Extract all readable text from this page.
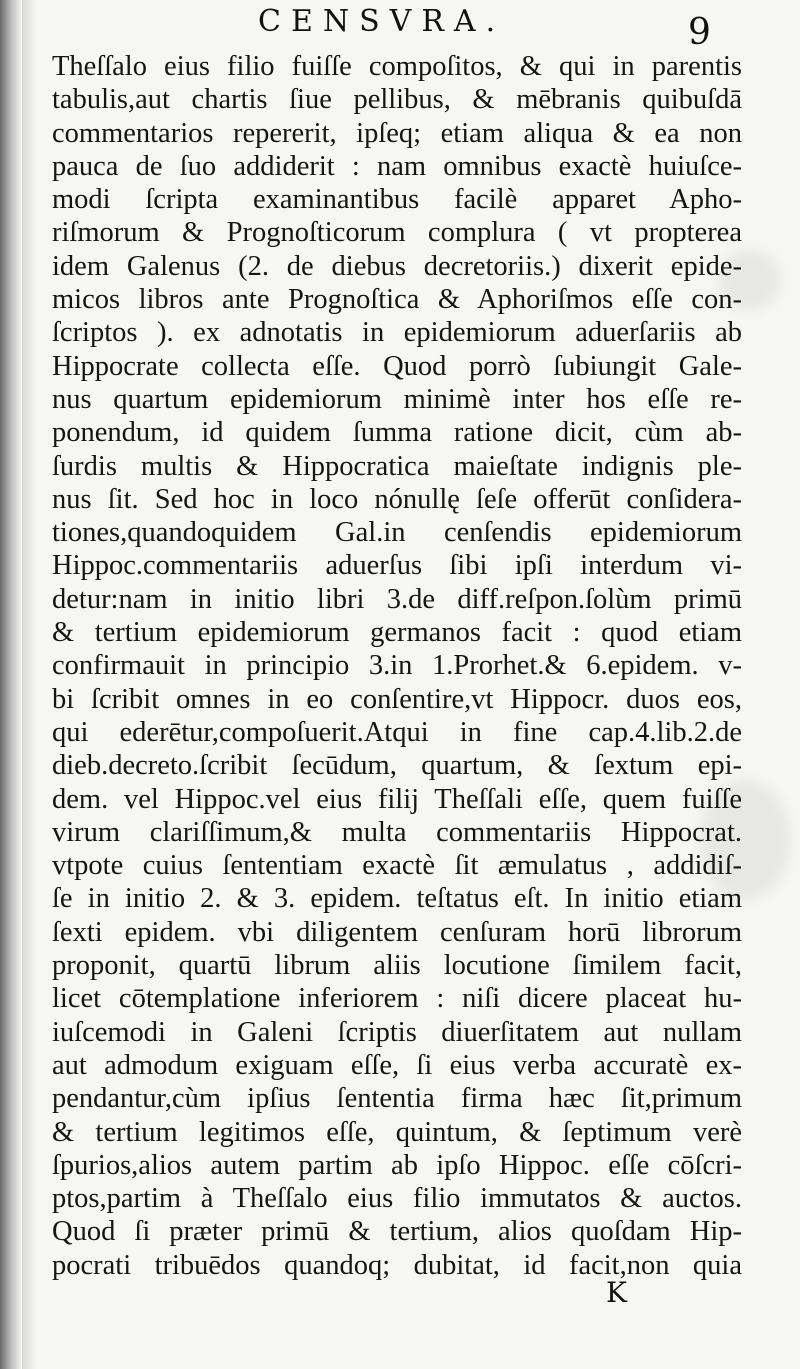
CENSVRA.	9
Theſſalo eius filio fuiſſe compoſitos, & qui in parentis
tabulis,aut chartis ſiue pellibus, & mēbranis quibuſdā
commentarios repererit, ipſeq; etiam aliqua & ea non
pauca de ſuo addiderit : nam omnibus exactè huiuſce-
modi ſcripta examinantibus facilè apparet Apho-
riſmorum & Prognoſticorum complura ( vt propterea
idem Galenus (2. de diebus decretoriis.) dixerit epide-
micos libros ante Prognoſtica & Aphoriſmos eſſe con-
ſcriptos ). ex adnotatis in epidemiorum aduerſariis ab
Hippocrate collecta eſſe. Quod porrò ſubiungit Gale-
nus quartum epidemiorum minimè inter hos eſſe re-
ponendum, id quidem ſumma ratione dicit, cùm ab-
ſurdis multis & Hippocratica maieſtate indignis ple-
nus ſit. Sed hoc in loco nónullę ſeſe offerūt conſidera-
tiones,quandoquidem Gal.in cenſendis epidemiorum
Hippoc.commentariis aduerſus ſibi ipſi interdum vi-
detur:nam in initio libri 3.de diff.reſpon.ſolùm primū
& tertium epidemiorum germanos facit : quod etiam
confirmauit in principio 3.in 1.Prorhet.& 6.epidem. v-
bi ſcribit omnes in eo conſentire,vt Hippocr. duos eos,
qui ederētur,compoſuerit.Atqui in fine cap.4.lib.2.de
dieb.decreto.ſcribit ſecūdum, quartum, & ſextum epi-
dem. vel Hippoc.vel eius filij Theſſali eſſe, quem fuiſſe
virum clariſſimum,& multa commentariis Hippocrat.
vtpote cuius ſententiam exactè ſit æmulatus , addidiſ-
ſe in initio 2. & 3. epidem. teſtatus eſt. In initio etiam
ſexti epidem. vbi diligentem cenſuram horū librorum
proponit, quartū librum aliis locutione ſimilem facit,
licet cōtemplatione inferiorem : niſi dicere placeat hu-
iuſcemodi in Galeni ſcriptis diuerſitatem aut nullam
aut admodum exiguam eſſe, ſi eius verba accuratè ex-
pendantur,cùm ipſius ſententia firma hæc ſit,primum
& tertium legitimos eſſe, quintum, & ſeptimum verè
ſpurios,alios autem partim ab ipſo Hippoc. eſſe cōſcri-
ptos,partim à Theſſalo eius filio immutatos & auctos.
Quod ſi præter primū & tertium, alios quoſdam Hip-
pocrati tribuēdos quandoq; dubitat, id facit,non quia
K
